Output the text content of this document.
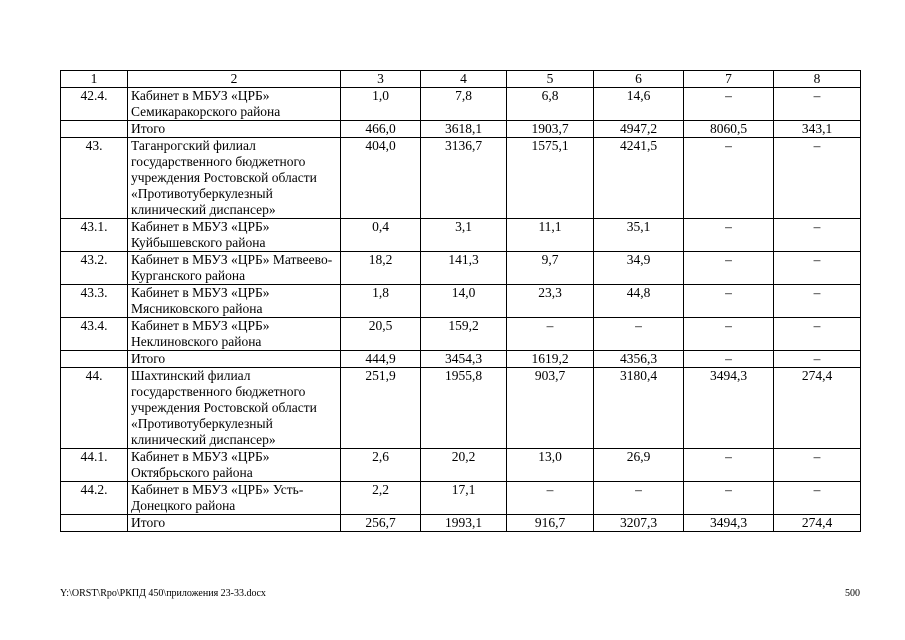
1	2	3	4	5	6	7	8
42.4.	Кабинет в МБУЗ «ЦРБ» Семикаракорского района	1,0	7,8	6,8	14,6	–	–
	Итого	466,0	3618,1	1903,7	4947,2	8060,5	343,1
43.	Таганрогский филиал государственного бюджетного учреждения Ростовской области «Противотуберкулезный клинический диспансер»	404,0	3136,7	1575,1	4241,5	–	–
43.1.	Кабинет в МБУЗ «ЦРБ» Куйбышевского района	0,4	3,1	11,1	35,1	–	–
43.2.	Кабинет в МБУЗ «ЦРБ» Матвеево-Курганского района	18,2	141,3	9,7	34,9	–	–
43.3.	Кабинет в МБУЗ «ЦРБ» Мясниковского района	1,8	14,0	23,3	44,8	–	–
43.4.	Кабинет в МБУЗ «ЦРБ» Неклиновского района	20,5	159,2	–	–	–	–
	Итого	444,9	3454,3	1619,2	4356,3	–	–
44.	Шахтинский филиал государственного бюджетного учреждения Ростовской области «Противотуберкулезный клинический диспансер»	251,9	1955,8	903,7	3180,4	3494,3	274,4
44.1.	Кабинет в МБУЗ «ЦРБ» Октябрьского района	2,6	20,2	13,0	26,9	–	–
44.2.	Кабинет в МБУЗ «ЦРБ» Усть-Донецкого района	2,2	17,1	–	–	–	–
	Итого	256,7	1993,1	916,7	3207,3	3494,3	274,4
Y:\ORST\Rpo\РКПД 450\приложения 23-33.docx	500
